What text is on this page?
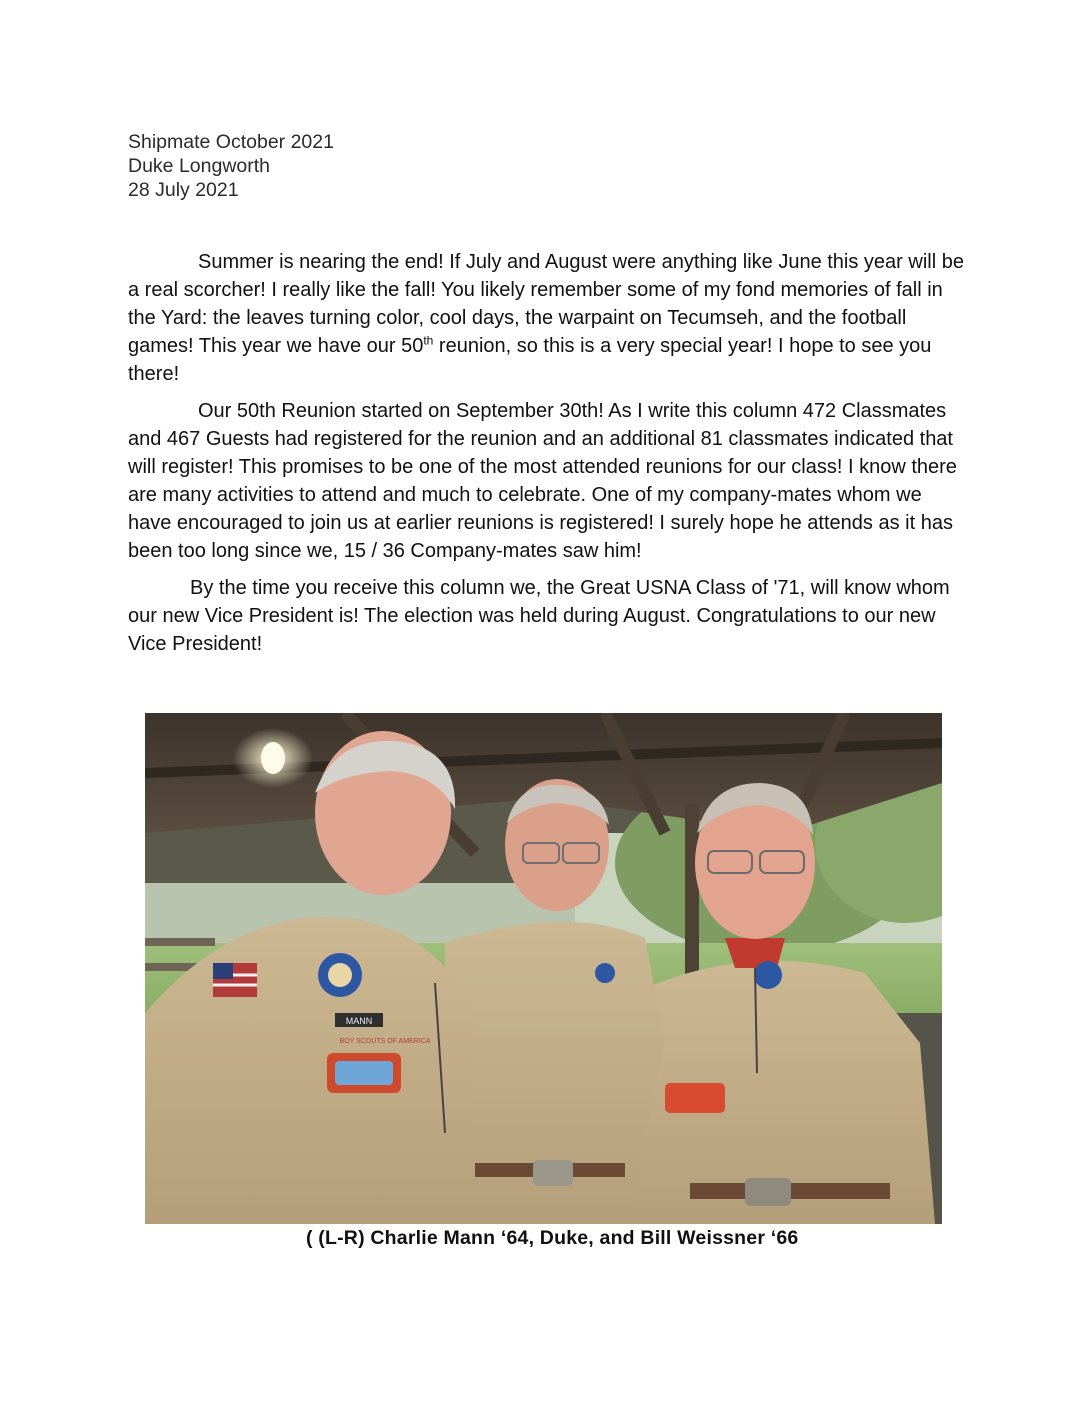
Shipmate October 2021
Duke Longworth
28 July 2021

Summer is nearing the end! If July and August were anything like June this year will be a real scorcher! I really like the fall! You likely remember some of my fond memories of fall in the Yard: the leaves turning color, cool days, the warpaint on Tecumseh, and the football games! This year we have our 50th reunion, so this is a very special year! I hope to see you there!

Our 50th Reunion started on September 30th! As I write this column 472 Classmates and 467 Guests had registered for the reunion and an additional 81 classmates indicated that will register! This promises to be one of the most attended reunions for our class! I know there are many activities to attend and much to celebrate. One of my company-mates whom we have encouraged to join us at earlier reunions is registered! I surely hope he attends as it has been too long since we, 15 / 36 Company-mates saw him!

By the time you receive this column we, the Great USNA Class of '71, will know whom our new Vice President is! The election was held during August. Congratulations to our new Vice President!

MANN
BOY SCOUTS OF AMERICA
( (L-R) Charlie Mann ‘64, Duke, and Bill Weissner ‘66
